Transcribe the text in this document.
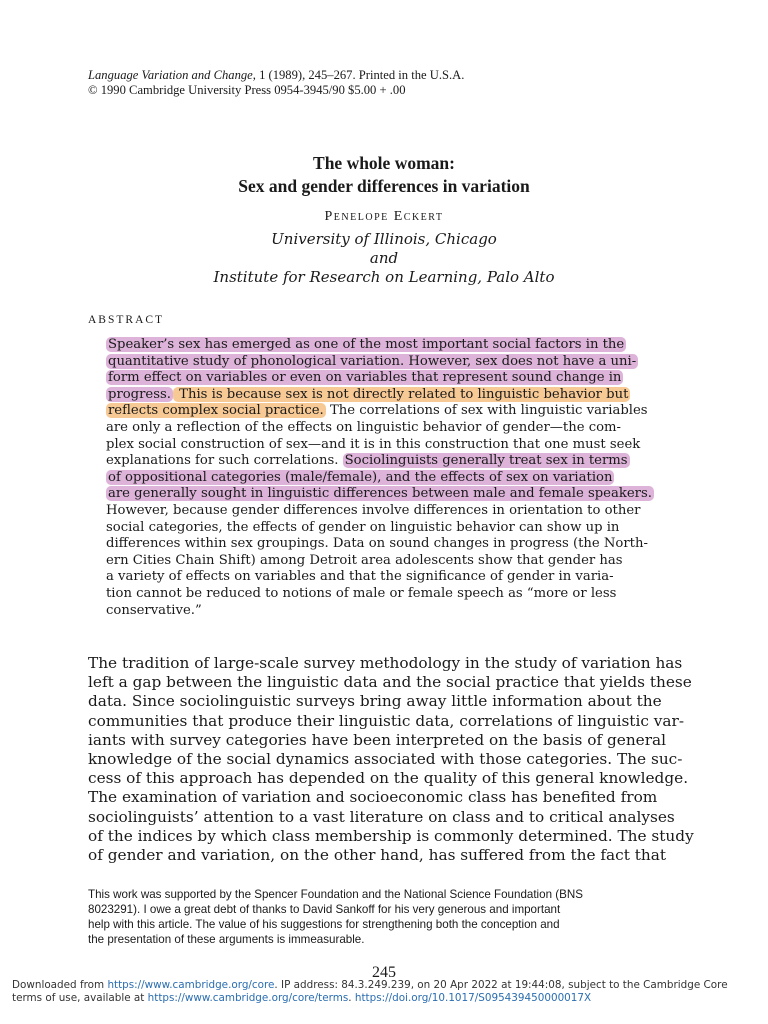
Language Variation and Change, 1 (1989), 245–267. Printed in the U.S.A.
© 1990 Cambridge University Press 0954-3945/90 $5.00 + .00
The whole woman:
Sex and gender differences in variation
Penelope Eckert
University of Illinois, Chicago
and
Institute for Research on Learning, Palo Alto
ABSTRACT
Speaker’s sex has emerged as one of the most important social factors in the
quantitative study of phonological variation. However, sex does not have a uni-
form effect on variables or even on variables that represent sound change in
progress. This is because sex is not directly related to linguistic behavior but
reflects complex social practice. The correlations of sex with linguistic variables
are only a reflection of the effects on linguistic behavior of gender—the com-
plex social construction of sex—and it is in this construction that one must seek
explanations for such correlations. Sociolinguists generally treat sex in terms
of oppositional categories (male/female), and the effects of sex on variation
are generally sought in linguistic differences between male and female speakers.
However, because gender differences involve differences in orientation to other
social categories, the effects of gender on linguistic behavior can show up in
differences within sex groupings. Data on sound changes in progress (the North-
ern Cities Chain Shift) among Detroit area adolescents show that gender has
a variety of effects on variables and that the significance of gender in varia-
tion cannot be reduced to notions of male or female speech as “more or less
conservative.”
The tradition of large-scale survey methodology in the study of variation has
left a gap between the linguistic data and the social practice that yields these
data. Since sociolinguistic surveys bring away little information about the
communities that produce their linguistic data, correlations of linguistic var-
iants with survey categories have been interpreted on the basis of general
knowledge of the social dynamics associated with those categories. The suc-
cess of this approach has depended on the quality of this general knowledge.
The examination of variation and socioeconomic class has benefited from
sociolinguists’ attention to a vast literature on class and to critical analyses
of the indices by which class membership is commonly determined. The study
of gender and variation, on the other hand, has suffered from the fact that
This work was supported by the Spencer Foundation and the National Science Foundation (BNS
8023291). I owe a great debt of thanks to David Sankoff for his very generous and important
help with this article. The value of his suggestions for strengthening both the conception and
the presentation of these arguments is immeasurable.
245
Downloaded from https://www.cambridge.org/core. IP address: 84.3.249.239, on 20 Apr 2022 at 19:44:08, subject to the Cambridge Core
terms of use, available at https://www.cambridge.org/core/terms. https://doi.org/10.1017/S095439450000017X
